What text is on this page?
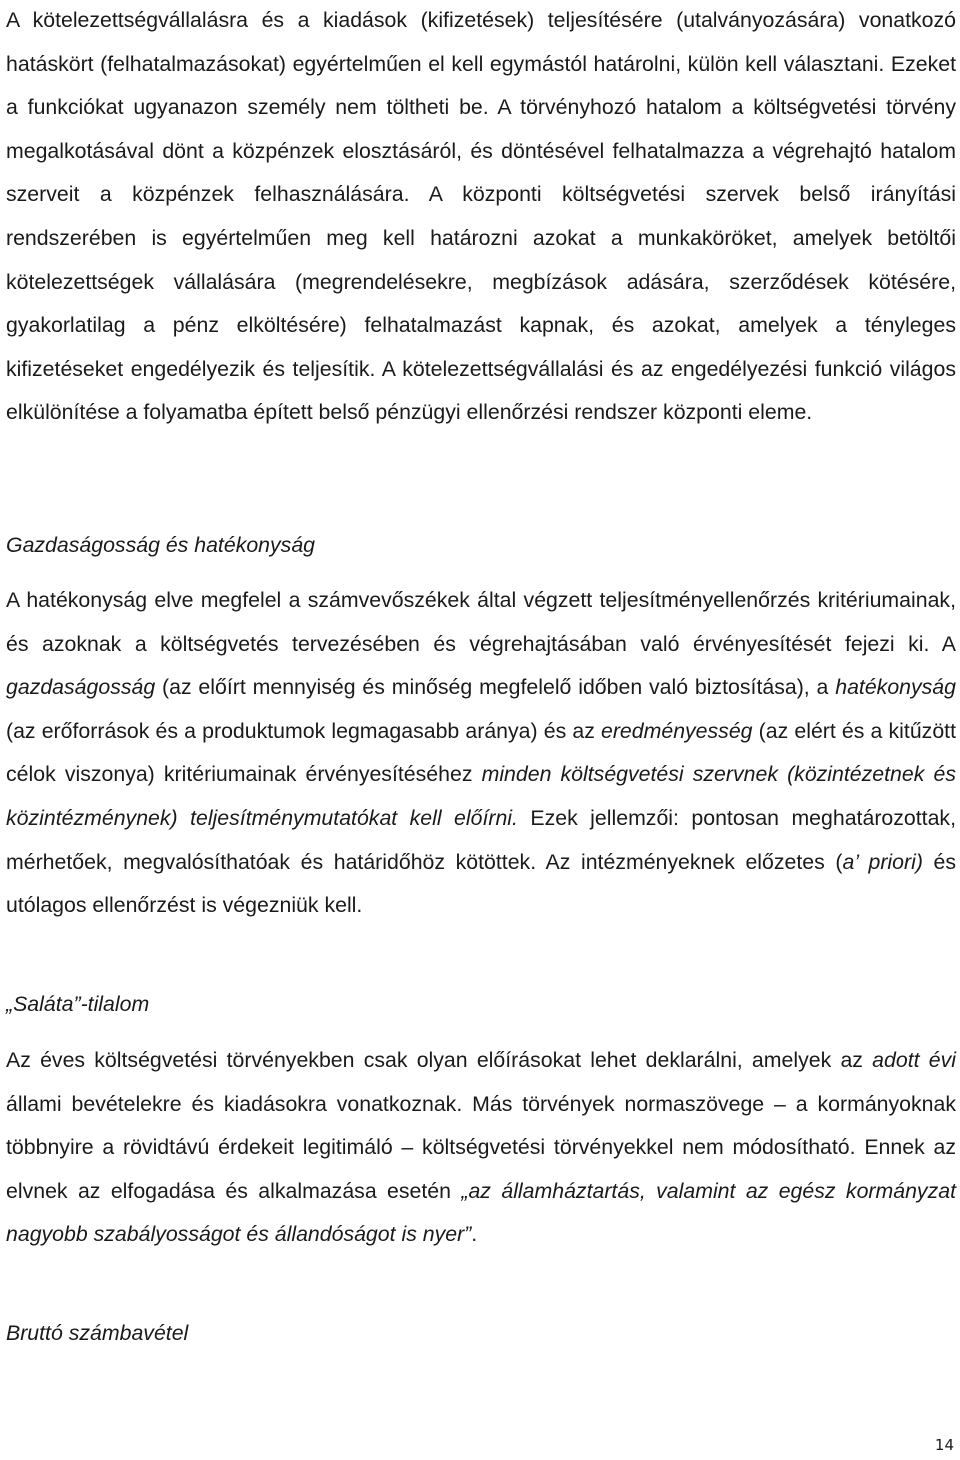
A kötelezettségvállalásra és a kiadások (kifizetések) teljesítésére (utalványozására) vonatkozó hatáskört (felhatalmazásokat) egyértelműen el kell egymástól határolni, külön kell választani. Ezeket a funkciókat ugyanazon személy nem töltheti be. A törvényhozó hatalom a költségvetési törvény megalkotásával dönt a közpénzek elosztásáról, és döntésével felhatalmazza a végrehajtó hatalom szerveit a közpénzek felhasználására. A központi költségvetési szervek belső irányítási rendszerében is egyértelműen meg kell határozni azokat a munkaköröket, amelyek betöltői kötelezettségek vállalására (megrendelésekre, megbízások adására, szerződések kötésére, gyakorlatilag a pénz elköltésére) felhatalmazást kapnak, és azokat, amelyek a tényleges kifizetéseket engedélyezik és teljesítik. A kötelezettségvállalási és az engedélyezési funkció világos elkülönítése a folyamatba épített belső pénzügyi ellenőrzési rendszer központi eleme.

Gazdaságosság és hatékonyság

A hatékonyság elve megfelel a számvevőszékek által végzett teljesítményellenőrzés kritériumainak, és azoknak a költségvetés tervezésében és végrehajtásában való érvényesítését fejezi ki. A gazdaságosság (az előírt mennyiség és minőség megfelelő időben való biztosítása), a hatékonyság (az erőforrások és a produktumok legmagasabb aránya) és az eredményesség (az elért és a kitűzött célok viszonya) kritériumainak érvényesítéséhez minden költségvetési szervnek (közintézetnek és közintézménynek) teljesítménymutatókat kell előírni. Ezek jellemzői: pontosan meghatározottak, mérhetőek, megvalósíthatóak és határidőhöz kötöttek. Az intézményeknek előzetes (a’ priori) és utólagos ellenőrzést is végezniük kell.

„Saláta”-tilalom

Az éves költségvetési törvényekben csak olyan előírásokat lehet deklarálni, amelyek az adott évi állami bevételekre és kiadásokra vonatkoznak. Más törvények normaszövege – a kormányoknak többnyire a rövidtávú érdekeit legitimáló – költségvetési törvényekkel nem módosítható. Ennek az elvnek az elfogadása és alkalmazása esetén „az államháztartás, valamint az egész kormányzat nagyobb szabályosságot és állandóságot is nyer”.

Bruttó számbavétel

14
